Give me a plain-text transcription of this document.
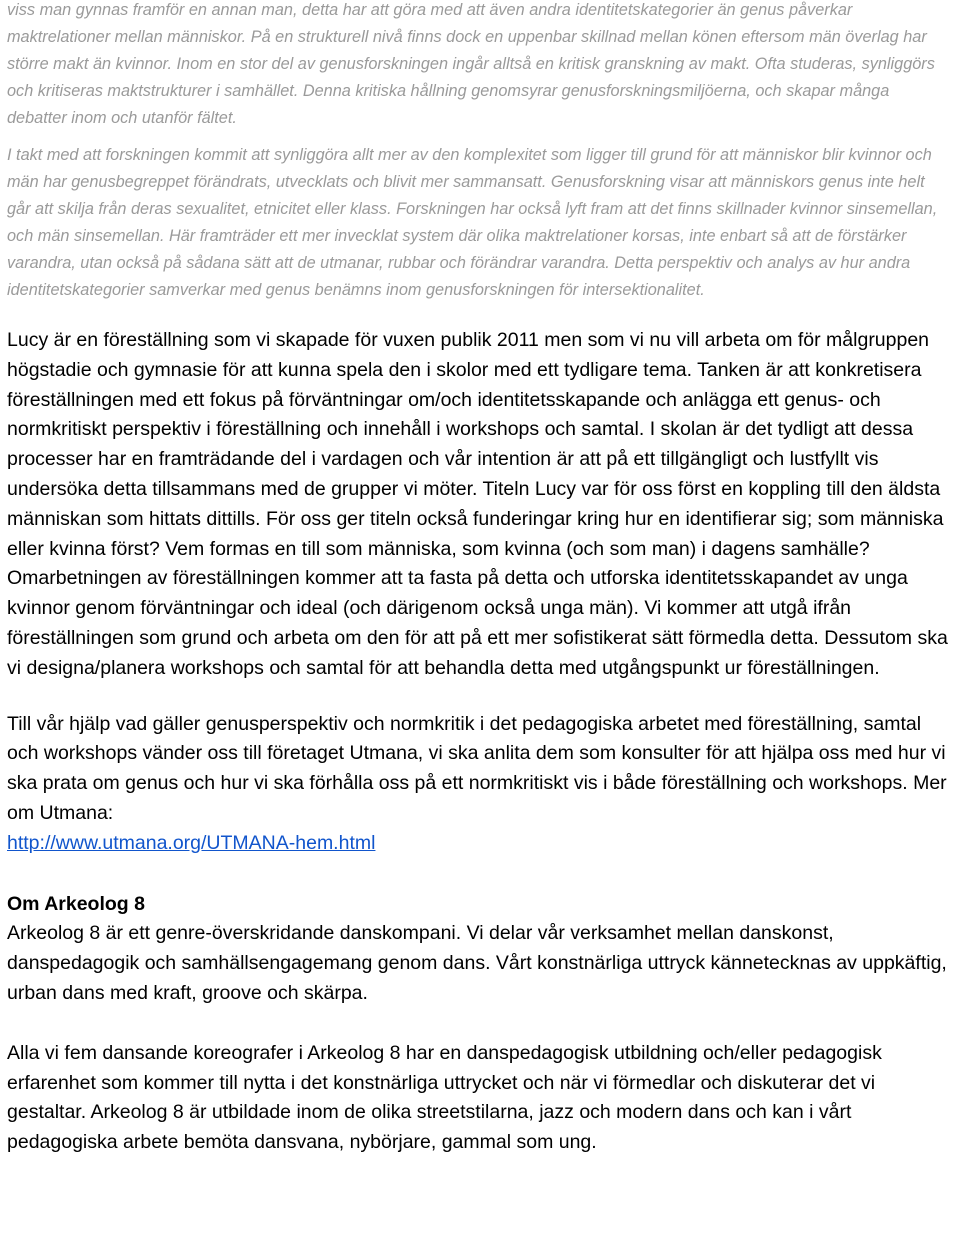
viss man gynnas framför en annan man, detta har att göra med att även andra identitetskategorier än genus påverkar maktrelationer mellan människor. På en strukturell nivå finns dock en uppenbar skillnad mellan könen eftersom män överlag har större makt än kvinnor. Inom en stor del av genusforskningen ingår alltså en kritisk granskning av makt. Ofta studeras, synliggörs och kritiseras maktstrukturer i samhället. Denna kritiska hållning genomsyrar genusforskningsmiljöerna, och skapar många debatter inom och utanför fältet.

I takt med att forskningen kommit att synliggöra allt mer av den komplexitet som ligger till grund för att människor blir kvinnor och män har genusbegreppet förändrats, utvecklats och blivit mer sammansatt. Genusforskning visar att människors genus inte helt går att skilja från deras sexualitet, etnicitet eller klass. Forskningen har också lyft fram att det finns skillnader kvinnor sinsemellan, och män sinsemellan. Här framträder ett mer invecklat system där olika maktrelationer korsas, inte enbart så att de förstärker varandra, utan också på sådana sätt att de utmanar, rubbar och förändrar varandra. Detta perspektiv och analys av hur andra identitetskategorier samverkar med genus benämns inom genusforskningen för intersektionalitet.

Lucy är en föreställning som vi skapade för vuxen publik 2011 men som vi nu vill arbeta om för målgruppen högstadie och gymnasie för att kunna spela den i skolor med ett tydligare tema. Tanken är att konkretisera föreställningen med ett fokus på förväntningar om/och identitetsskapande och anlägga ett genus- och normkritiskt perspektiv i föreställning och innehåll i workshops och samtal. I skolan är det tydligt att dessa processer har en framträdande del i vardagen och vår intention är att på ett tillgängligt och lustfyllt vis undersöka detta tillsammans med de grupper vi möter. Titeln Lucy var för oss först en koppling till den äldsta människan som hittats dittills. För oss ger titeln också funderingar kring hur en identifierar sig; som människa eller kvinna först? Vem formas en till som människa, som kvinna (och som man) i dagens samhälle? Omarbetningen av föreställningen kommer att ta fasta på detta och utforska identitetsskapandet av unga kvinnor genom förväntningar och ideal (och därigenom också unga män). Vi kommer att utgå ifrån föreställningen som grund och arbeta om den för att på ett mer sofistikerat sätt förmedla detta. Dessutom ska vi designa/planera workshops och samtal för att behandla detta med utgångspunkt ur föreställningen.

Till vår hjälp vad gäller genusperspektiv och normkritik i det pedagogiska arbetet med föreställning, samtal och workshops vänder oss till företaget Utmana, vi ska anlita dem som konsulter för att hjälpa oss med hur vi ska prata om genus och hur vi ska förhålla oss på ett normkritiskt vis i både föreställning och workshops. Mer om Utmana:
http://www.utmana.org/UTMANA-hem.html

Om Arkeolog 8

Arkeolog 8 är ett genre-överskridande danskompani. Vi delar vår verksamhet mellan danskonst, danspedagogik och samhällsengagemang genom dans. Vårt konstnärliga uttryck kännetecknas av uppkäftig, urban dans med kraft, groove och skärpa.

Alla vi fem dansande koreografer i Arkeolog 8 har en danspedagogisk utbildning och/eller pedagogisk erfarenhet som kommer till nytta i det konstnärliga uttrycket och när vi förmedlar och diskuterar det vi gestaltar. Arkeolog 8 är utbildade inom de olika streetstilarna, jazz och modern dans och kan i vårt pedagogiska arbete bemöta dansvana, nybörjare, gammal som ung.
